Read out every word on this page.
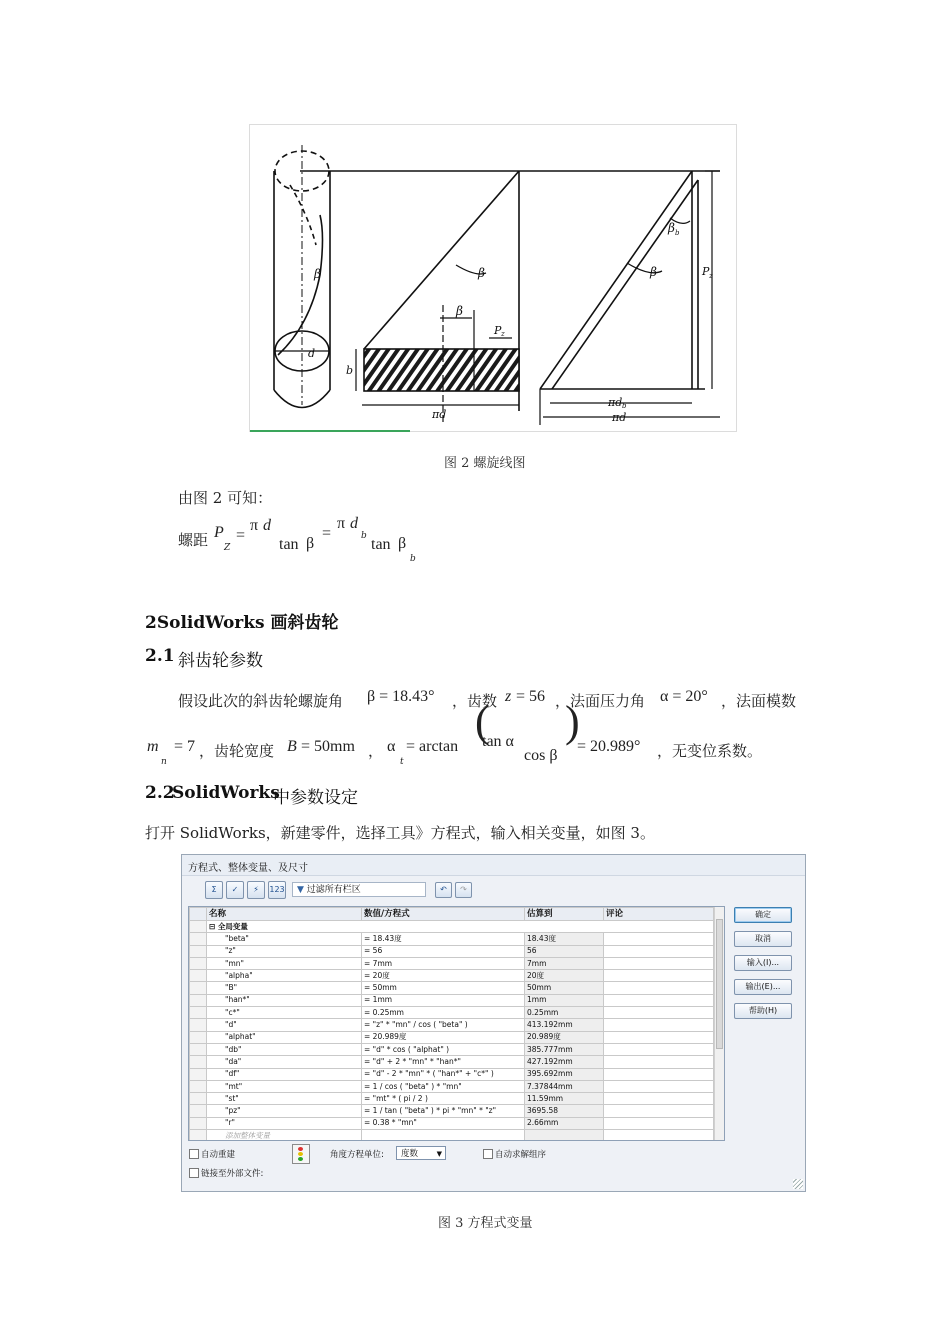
β
d
β
β
P z
b
πd
β b
β	P z
πd b
πd
图 2 螺旋线图
由图 2 可知：
螺距 P
Z
=
π d
tan β
=
π d
b tan β
b
2SolidWorks 画斜齿轮
2.1 斜齿轮参数
假设此次的斜齿轮螺旋角 β = 18.43° ，齿数 z = 56 ，法面压力角 α = 20° ，法面模数
m
n
= 7 ，齿轮宽度 B = 50mm ， α
t
= arctan
(
tan α
cos β
)
= 20.989° ，无变位系数。
2.2
SolidWorks
中参数设定
打开 SolidWorks，新建零件，选择工具》方程式，输入相关变量，如图 3。
方程式、整体变量、及尺寸
Σ	✓	⚡	123	▼ 过滤所有栏区	↶	↷
	名称	数值/方程式	估算到	评论
	⊟ 全局变量			
	"beta"	= 18.43度	18.43度	
	"z"	= 56	56	
	"mn"	= 7mm	7mm	
	"alpha"	= 20度	20度	
	"B"	= 50mm	50mm	
	"han*"	= 1mm	1mm	
	"c*"	= 0.25mm	0.25mm	
	"d"	= "z" * "mn" / cos ( "beta" )	413.192mm	
	"alphat"	= 20.989度	20.989度	
	"db"	= "d" * cos ( "alphat" )	385.777mm	
	"da"	= "d" + 2 * "mn" * "han*"	427.192mm	
	"df"	= "d" - 2 * "mn" * ( "han*" + "c*" )	395.692mm	
	"mt"	= 1 / cos ( "beta" ) * "mn"	7.37844mm	
	"st"	= "mt" * ( pi / 2 )	11.59mm	
	"pz"	= 1 / tan ( "beta" ) * pi * "mn" * "z"	3695.58	
	"r"	= 0.38 * "mn"	2.66mm	
	添加整体变量			
确定
取消
输入(I)...
输出(E)...
帮助(H)
自动重建	角度方程单位:	度数	▼	自动求解组序
链接至外部文件:
图 3 方程式变量
